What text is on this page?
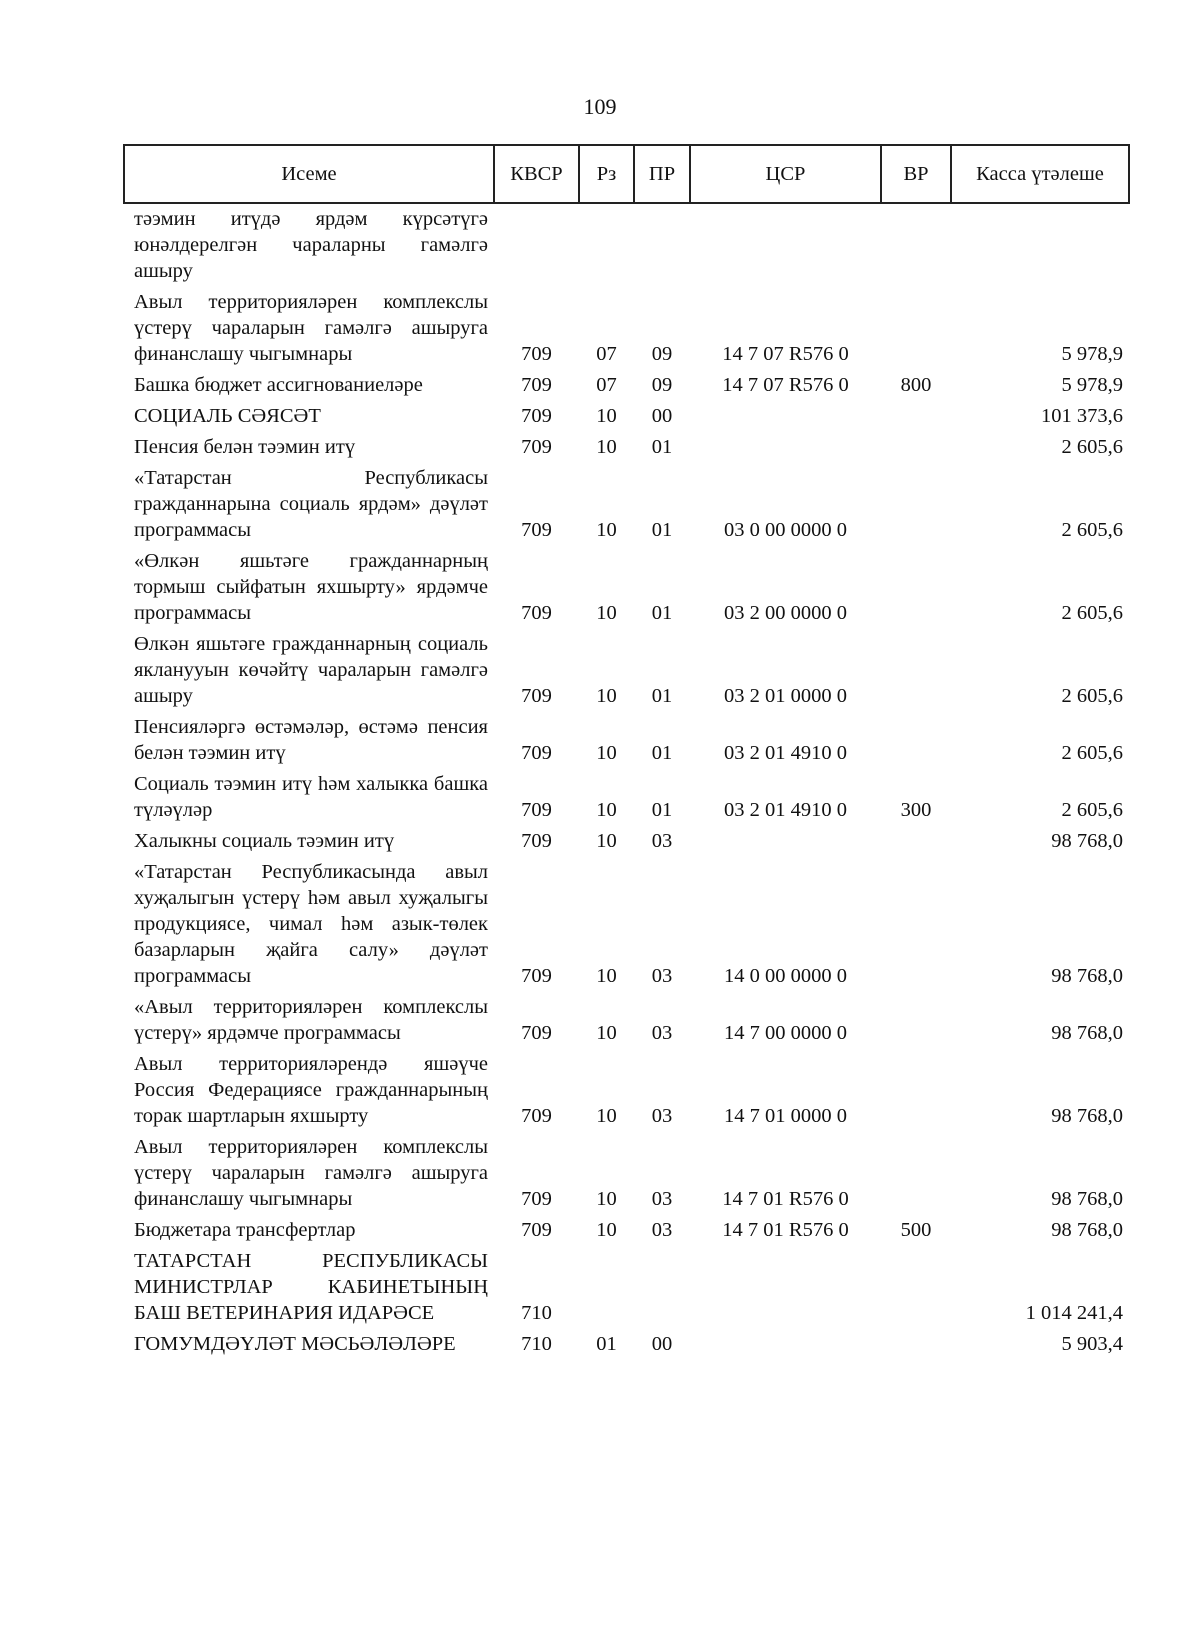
109
Исеме	КВСР	Рз	ПР	ЦСР	ВР	Касса үтәлеше
тәэмин итүдә ярдәм күрсәтүгә юнәлдерелгән чараларны гамәлгә ашыру						
Авыл территорияләрен комплекслы үстерү чараларын гамәлгә ашыруга финанслашу чыгымнары	709	07	09	14 7 07 R576 0		5 978,9
Башка бюджет ассигнованиеләре	709	07	09	14 7 07 R576 0	800	5 978,9
СОЦИАЛЬ СӘЯСӘТ	709	10	00			101 373,6
Пенсия белән тәэмин итү	709	10	01			2 605,6
«Татарстан Республикасы гражданнарына социаль ярдәм» дәүләт программасы	709	10	01	03 0 00 0000 0		2 605,6
«Өлкән яшьтәге гражданнарның тормыш сыйфатын яхшырту» ярдәмче программасы	709	10	01	03 2 00 0000 0		2 605,6
Өлкән яшьтәге гражданнарның социаль якланууын көчәйтү чараларын гамәлгә ашыру	709	10	01	03 2 01 0000 0		2 605,6
Пенсияләргә өстәмәләр, өстәмә пенсия белән тәэмин итү	709	10	01	03 2 01 4910 0		2 605,6
Социаль тәэмин итү һәм халыкка башка түләүләр	709	10	01	03 2 01 4910 0	300	2 605,6
Халыкны социаль тәэмин итү	709	10	03			98 768,0
«Татарстан Республикасында авыл хуҗалыгын үстерү һәм авыл хуҗалыгы продукциясе, чимал һәм азык-төлек базарларын җайга салу» дәүләт программасы	709	10	03	14 0 00 0000 0		98 768,0
«Авыл территорияләрен комплекслы үстерү» ярдәмче программасы	709	10	03	14 7 00 0000 0		98 768,0
Авыл территорияләрендә яшәүче Россия Федерациясе гражданнарының торак шартларын яхшырту	709	10	03	14 7 01 0000 0		98 768,0
Авыл территорияләрен комплекслы үстерү чараларын гамәлгә ашыруга финанслашу чыгымнары	709	10	03	14 7 01 R576 0		98 768,0
Бюджетара трансфертлар	709	10	03	14 7 01 R576 0	500	98 768,0
ТАТАРСТАН РЕСПУБЛИКАСЫ МИНИСТРЛАР КАБИНЕТЫНЫҢ БАШ ВЕТЕРИНАРИЯ ИДАРӘСЕ	710					1 014 241,4
ГОМУМДӘҮЛӘТ МӘСЬӘЛӘЛӘРЕ	710	01	00			5 903,4
